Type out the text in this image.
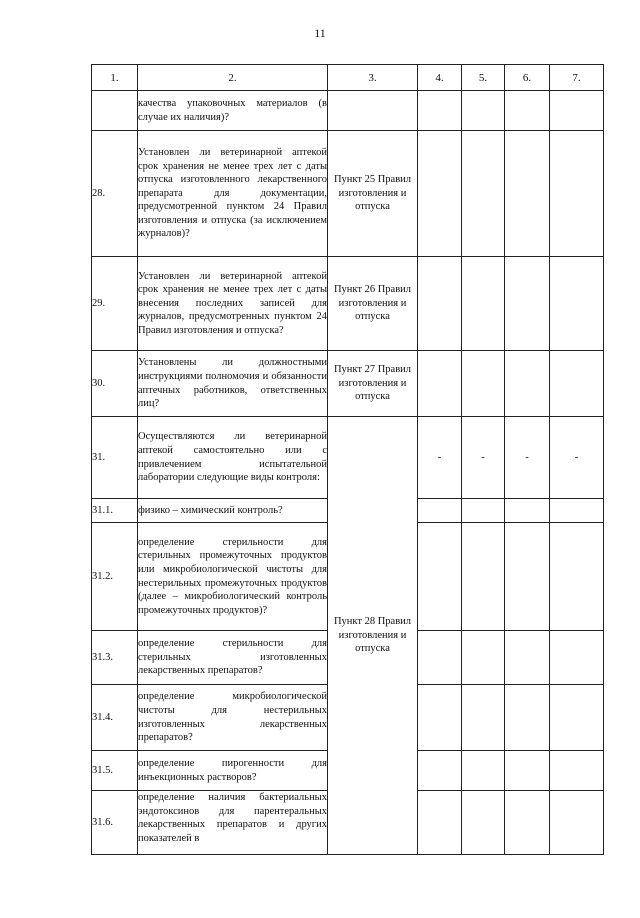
11
1.	2.	3.	4.	5.	6.	7.
	качества упаковочных материалов (в случае их наличия)?					
28.	Установлен ли ветеринарной аптекой срок хранения не менее трех лет с даты отпуска изготовленного лекарственного препарата для документации, предусмотренной пунктом 24 Правил изготовления и отпуска (за исключением журналов)?	Пункт 25 Правил изготовления и отпуска				
29.	Установлен ли ветеринарной аптекой срок хранения не менее трех лет с даты внесения последних записей для журналов, предусмотренных пунктом 24 Правил изготовления и отпуска?	Пункт 26 Правил изготовления и отпуска				
30.	Установлены ли должностными инструкциями полномочия и обязанности аптечных работников, ответственных лиц?	Пункт 27 Правил изготовления и отпуска				
31.	Осуществляются ли ветеринарной аптекой самостоятельно или с привлечением испытательной лаборатории следующие виды контроля:	Пункт 28 Правил изготовления и отпуска	-	-	-	-
31.1.	физико – химический контроль?					
31.2.	определение стерильности для стерильных промежуточных продуктов или микробиологической чистоты для нестерильных промежуточных продуктов (далее – микробиологический контроль промежуточных продуктов)?					
31.3.	определение стерильности для стерильных изготовленных лекарственных препаратов?					
31.4.	определение микробиологической чистоты для нестерильных изготовленных лекарственных препаратов?					
31.5.	определение пирогенности для инъекционных растворов?					
31.6.	определение наличия бактериальных эндотоксинов для парентеральных лекарственных препаратов и других показателей в					
